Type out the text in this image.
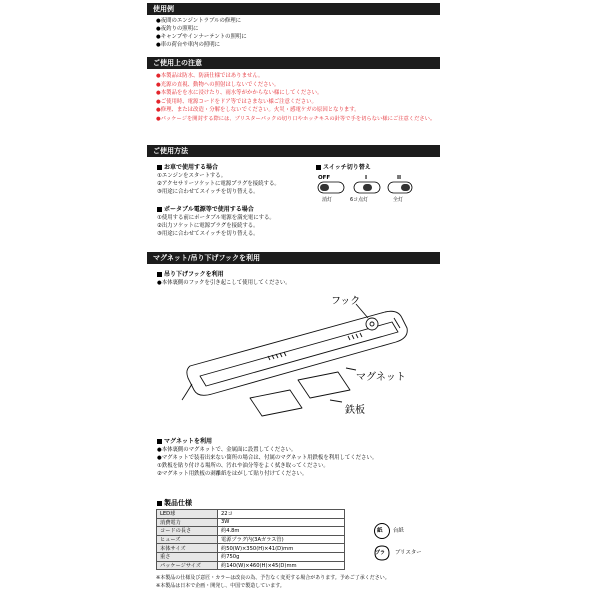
使用例
●夜間のエンジントラブルの修理に
●夜釣りの照明に
●キャンプやインナーテントの照明に
●車の荷台や車内の照明に
ご使用上の注意
●本製品は防水、防滴仕様ではありません。
●光源の直視、動物への照射はしないでください。
●本製品をを水に浸けたり、雨水等がかからない様にしてください。
●ご使用時、電源コードをドア等ではさまない様ご注意ください。
●修理、または改造・分解をしないでください。火災・感電ケガの原因となります。
●パッケージを開封する際には、ブリスターパックの切り口やホッチキスの針等で手を切らない様にご注意ください。
ご使用方法
お車で使用する場合
①エンジンをスタートする。
②アクセサリーソケットに電源プラグを接続する。
③用途に合わせてスイッチを切り替える。
ポータブル電源等で使用する場合
①使用する前にポータブル電源を満充電にする。
②出力ソケットに電源プラグを接続する。
③用途に合わせてスイッチを切り替える。
スイッチ切り替え
OFF	I	II
消灯	6コ点灯	全灯
マグネット/吊り下げフックを利用
吊り下げフックを利用
●本体裏側のフックを引き起こして使用してください。
フック
マグネット
鉄板
マグネットを利用
●本体裏側のマグネットで、金属面に設置してください。
●マグネットで装着出来ない箇所の場合は、付属のマグネット用鉄板を利用してください。
①鉄板を貼り付ける場所の、汚れや油分等をよく拭き取ってください。
②マグネット用鉄板の剥離紙をはがして貼り付けてください。
製品仕様
LED球	22コ
消費電力	3W
コードの長さ	約4.8m
ヒューズ	電源プラグ内(3Aガラス管)
本体サイズ	約50(W)×350(H)×41(D)mm
重さ	約750g
パッケージサイズ	約140(W)×460(H)×45(D)mm
紙 台紙
プラ ブリスター
※本製品の仕様及び意匠・カラーは改良の為、予告なく変更する場合があります。予めご了承ください。
※本製品は日本で企画・開発し、中国で製造しています。
